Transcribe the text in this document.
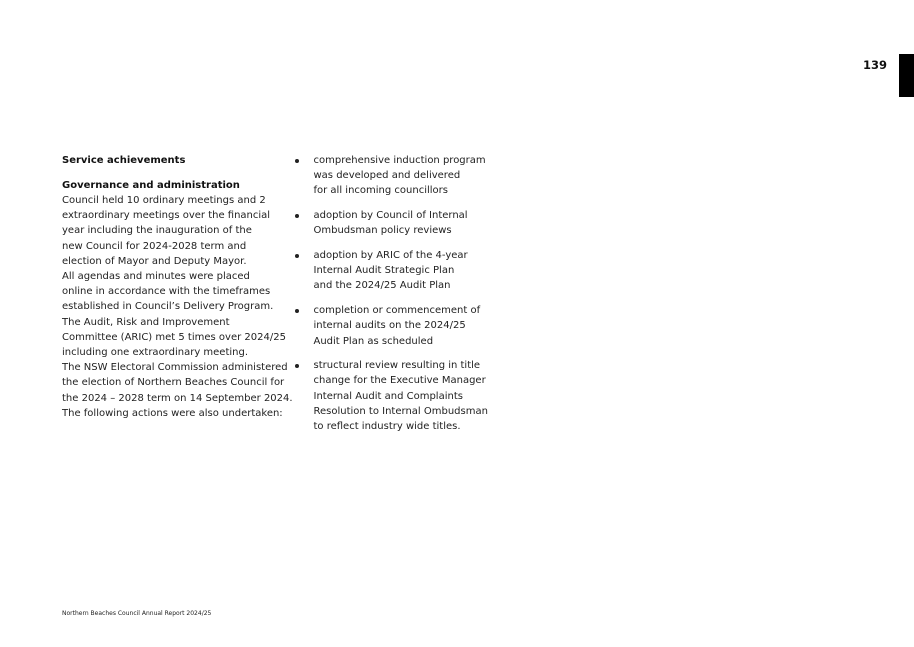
139

Service achievements

Governance and administration

Council held 10 ordinary meetings and 2

extraordinary meetings over the financial

year including the inauguration of the

new Council for 2024-2028 term and

election of Mayor and Deputy Mayor.

All agendas and minutes were placed

online in accordance with the timeframes

established in Council’s Delivery Program.

The Audit, Risk and Improvement

Committee (ARIC) met 5 times over 2024/25

including one extraordinary meeting.

The NSW Electoral Commission administered

the election of Northern Beaches Council for

the 2024 – 2028 term on 14 September 2024.

The following actions were also undertaken:

comprehensive induction program
was developed and delivered
for all incoming councillors
adoption by Council of Internal
Ombudsman policy reviews
adoption by ARIC of the 4-year
Internal Audit Strategic Plan
and the 2024/25 Audit Plan
completion or commencement of
internal audits on the 2024/25
Audit Plan as scheduled
structural review resulting in title
change for the Executive Manager
Internal Audit and Complaints
Resolution to Internal Ombudsman
to reflect industry wide titles.
Northern Beaches Council Annual Report 2024/25
